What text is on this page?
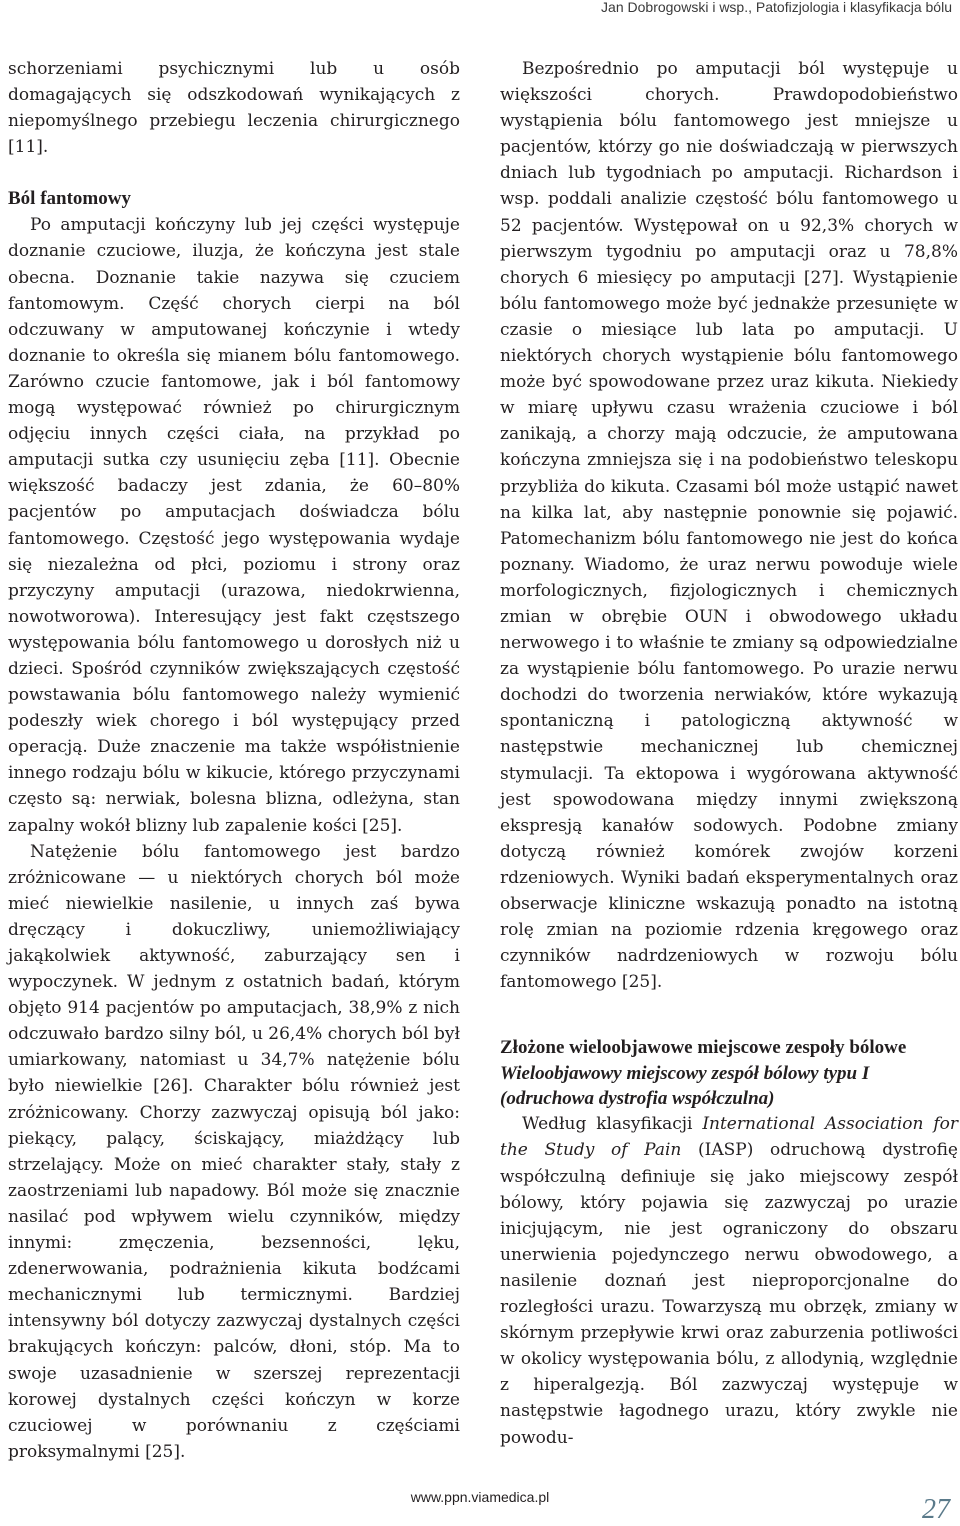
Jan Dobrogowski i wsp., Patofizjologia i klasyfikacja bólu

schorzeniami psychicznymi lub u osób domagających się odszkodowań wynikających z niepomyślnego przebiegu leczenia chirurgicznego [11].

Ból fantomowy

Po amputacji kończyny lub jej części występuje doznanie czuciowe, iluzja, że kończyna jest stale obecna. Doznanie takie nazywa się czuciem fantomowym. Część chorych cierpi na ból odczuwany w amputowanej kończynie i wtedy doznanie to określa się mianem bólu fantomowego. Zarówno czucie fantomowe, jak i ból fantomowy mogą występować również po chirurgicznym odjęciu innych części ciała, na przykład po amputacji sutka czy usunięciu zęba [11]. Obecnie większość badaczy jest zdania, że 60–80% pacjentów po amputacjach doświadcza bólu fantomowego. Częstość jego występowania wydaje się niezależna od płci, poziomu i strony oraz przyczyny amputacji (urazowa, niedokrwienna, nowotworowa). Interesujący jest fakt częstszego występowania bólu fantomowego u dorosłych niż u dzieci. Spośród czynników zwiększających częstość powstawania bólu fantomowego należy wymienić podeszły wiek chorego i ból występujący przed operacją. Duże znaczenie ma także współistnienie innego rodzaju bólu w kikucie, którego przyczynami często są: nerwiak, bolesna blizna, odleżyna, stan zapalny wokół blizny lub zapalenie kości [25].

Natężenie bólu fantomowego jest bardzo zróżnicowane — u niektórych chorych ból może mieć niewielkie nasilenie, u innych zaś bywa dręczący i dokuczliwy, uniemożliwiający jakąkolwiek aktywność, zaburzający sen i wypoczynek. W jednym z ostatnich badań, którym objęto 914 pacjentów po amputacjach, 38,9% z nich odczuwało bardzo silny ból, u 26,4% chorych ból był umiarkowany, natomiast u 34,7% natężenie bólu było niewielkie [26]. Charakter bólu również jest zróżnicowany. Chorzy zazwyczaj opisują ból jako: piekący, palący, ściskający, miażdżący lub strzelający. Może on mieć charakter stały, stały z zaostrzeniami lub napadowy. Ból może się znacznie nasilać pod wpływem wielu czynników, między innymi: zmęczenia, bezsenności, lęku, zdenerwowania, podrażnienia kikuta bodźcami mechanicznymi lub termicznymi. Bardziej intensywny ból dotyczy zazwyczaj dystalnych części brakujących kończyn: palców, dłoni, stóp. Ma to swoje uzasadnienie w szerszej reprezentacji korowej dystalnych części kończyn w korze czuciowej w porównaniu z częściami proksymalnymi [25].

Bezpośrednio po amputacji ból występuje u większości chorych. Prawdopodobieństwo wystąpienia bólu fantomowego jest mniejsze u pacjentów, którzy go nie doświadczają w pierwszych dniach lub tygodniach po amputacji. Richardson i wsp. poddali analizie częstość bólu fantomowego u 52 pacjentów. Występował on u 92,3% chorych w pierwszym tygodniu po amputacji oraz u 78,8% chorych 6 miesięcy po amputacji [27]. Wystąpienie bólu fantomowego może być jednakże przesunięte w czasie o miesiące lub lata po amputacji. U niektórych chorych wystąpienie bólu fantomowego może być spowodowane przez uraz kikuta. Niekiedy w miarę upływu czasu wrażenia czuciowe i ból zanikają, a chorzy mają odczucie, że amputowana kończyna zmniejsza się i na podobieństwo teleskopu przybliża do kikuta. Czasami ból może ustąpić nawet na kilka lat, aby następnie ponownie się pojawić. Patomechanizm bólu fantomowego nie jest do końca poznany. Wiadomo, że uraz nerwu powoduje wiele morfologicznych, fizjologicznych i chemicznych zmian w obrębie OUN i obwodowego układu nerwowego i to właśnie te zmiany są odpowiedzialne za wystąpienie bólu fantomowego. Po urazie nerwu dochodzi do tworzenia nerwiaków, które wykazują spontaniczną i patologiczną aktywność w następstwie mechanicznej lub chemicznej stymulacji. Ta ektopowa i wygórowana aktywność jest spowodowana między innymi zwiększoną ekspresją kanałów sodowych. Podobne zmiany dotyczą również komórek zwojów korzeni rdzeniowych. Wyniki badań eksperymentalnych oraz obserwacje kliniczne wskazują ponadto na istotną rolę zmian na poziomie rdzenia kręgowego oraz czynników nadrdzeniowych w rozwoju bólu fantomowego [25].

Złożone wieloobjawowe miejscowe zespoły bólowe

Wieloobjawowy miejscowy zespół bólowy typu I

(odruchowa dystrofia współczulna)

Według klasyfikacji International Association for the Study of Pain (IASP) odruchową dystrofię współczulną definiuje się jako miejscowy zespół bólowy, który pojawia się zazwyczaj po urazie inicjującym, nie jest ograniczony do obszaru unerwienia pojedynczego nerwu obwodowego, a nasilenie doznań jest nieproporcjonalne do rozległości urazu. Towarzyszą mu obrzęk, zmiany w skórnym przepływie krwi oraz zaburzenia potliwości w okolicy występowania bólu, z allodynią, względnie z hiperalgezją. Ból zazwyczaj występuje w następstwie łagodnego urazu, który zwykle nie powodu-

www.ppn.viamedica.pl	27
